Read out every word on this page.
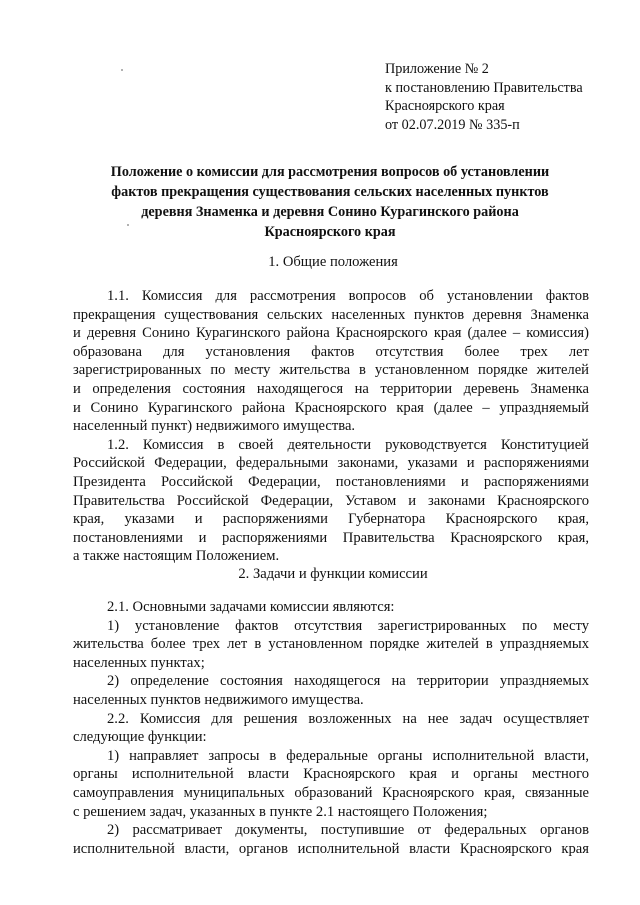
Приложение № 2
к постановлению Правительства
Красноярского края
от 02.07.2019 № 335-п
Положение о комиссии для рассмотрения вопросов об установлении
фактов прекращения существования сельских населенных пунктов
деревня Знаменка и деревня Сонино Курагинского района
Красноярского края
1. Общие положения
1.1. Комиссия для рассмотрения вопросов об установлении фактов
прекращения существования сельских населенных пунктов деревня Знаменка
и деревня Сонино Курагинского района Красноярского края (далее – комиссия)
образована для установления фактов отсутствия более трех лет
зарегистрированных по месту жительства в установленном порядке жителей
и определения состояния находящегося на территории деревень Знаменка
и Сонино Курагинского района Красноярского края (далее – упраздняемый
населенный пункт) недвижимого имущества.
1.2. Комиссия в своей деятельности руководствуется Конституцией
Российской Федерации, федеральными законами, указами и распоряжениями
Президента Российской Федерации, постановлениями и распоряжениями
Правительства Российской Федерации, Уставом и законами Красноярского
края, указами и распоряжениями Губернатора Красноярского края,
постановлениями и распоряжениями Правительства Красноярского края,
а также настоящим Положением.
2. Задачи и функции комиссии
2.1. Основными задачами комиссии являются:
1) установление фактов отсутствия зарегистрированных по месту
жительства более трех лет в установленном порядке жителей в упраздняемых
населенных пунктах;
2) определение состояния находящегося на территории упраздняемых
населенных пунктов недвижимого имущества.
2.2. Комиссия для решения возложенных на нее задач осуществляет
следующие функции:
1) направляет запросы в федеральные органы исполнительной власти,
органы исполнительной власти Красноярского края и органы местного
самоуправления муниципальных образований Красноярского края, связанные
с решением задач, указанных в пункте 2.1 настоящего Положения;
2) рассматривает документы, поступившие от федеральных органов
исполнительной власти, органов исполнительной власти Красноярского края
